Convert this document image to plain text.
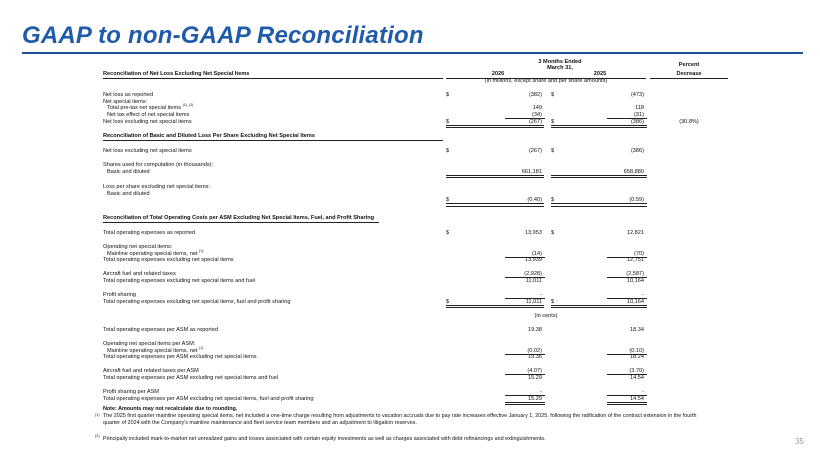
GAAP to non-GAAP Reconciliation
3 Months Ended
March 31,	Percent
Reconciliation of Net Loss Excluding Net Special Items	2026	2025	Decrease
(in millions, except share and per share amounts)
Net loss as reported	$	(382) $	(473)
Net special items:
Total pre-tax net special items $^{(1), (2)}$	149	118
Net tax effect of net special items	(34)	(31)
Net loss excluding net special items	$	(267) $	(386)	(30.8%)
Reconciliation of Basic and Diluted Loss Per Share Excluding Net Special Items
Net loss excluding net special items	$	(267) $	(386)
Shares used for computation (in thousands):
Basic and diluted	661,181	658,880
Loss per share excluding net special items:
Basic and diluted
$	(0.40) $	(0.59)
Reconciliation of Total Operating Costs per ASM Excluding Net Special Items, Fuel, and Profit Sharing
Total operating expenses as reported	$	13,953 $	12,821
Operating net special items:
Mainline operating special items, net $^{(1)}$	(14)	(70)
Total operating expenses excluding net special items	13,939	12,751
Aircraft fuel and related taxes	(2,928)	(2,587)
Total operating expenses excluding net special items and fuel	11,011	10,164
Profit sharing	-	-
Total operating expenses excluding net special items, fuel and profit sharing	$	11,011 $	10,164
(in cents)
Total operating expenses per ASM as reported	19.38	18.34
Operating net special items per ASM:
Mainline operating special items, net $^{(1)}$	(0.02)	(0.10)
Total operating expenses per ASM excluding net special items	19.36	18.24
Aircraft fuel and related taxes per ASM	(4.07)	(3.70)
Total operating expenses per ASM excluding net special items and fuel	15.29	14.54
Profit sharing per ASM	-	-
Total operating expenses per ASM excluding net special items, fuel and profit sharing	15.29	14.54
Note: Amounts may not recalculate due to rounding.
(1) The 2025 first quarter mainline operating special items, net included a one-time charge resulting from adjustments to vacation accruals due to pay rate increases effective January 1, 2025, following the ratification of the contract extension in the fourth
quarter of 2024 with the Company's mainline maintenance and fleet service team members and an adjustment to litigation reserves.
(2) Principally included mark-to-market net unrealized gains and losses associated with certain equity investments as well as charges associated with debt refinancings and extinguishments.	35
